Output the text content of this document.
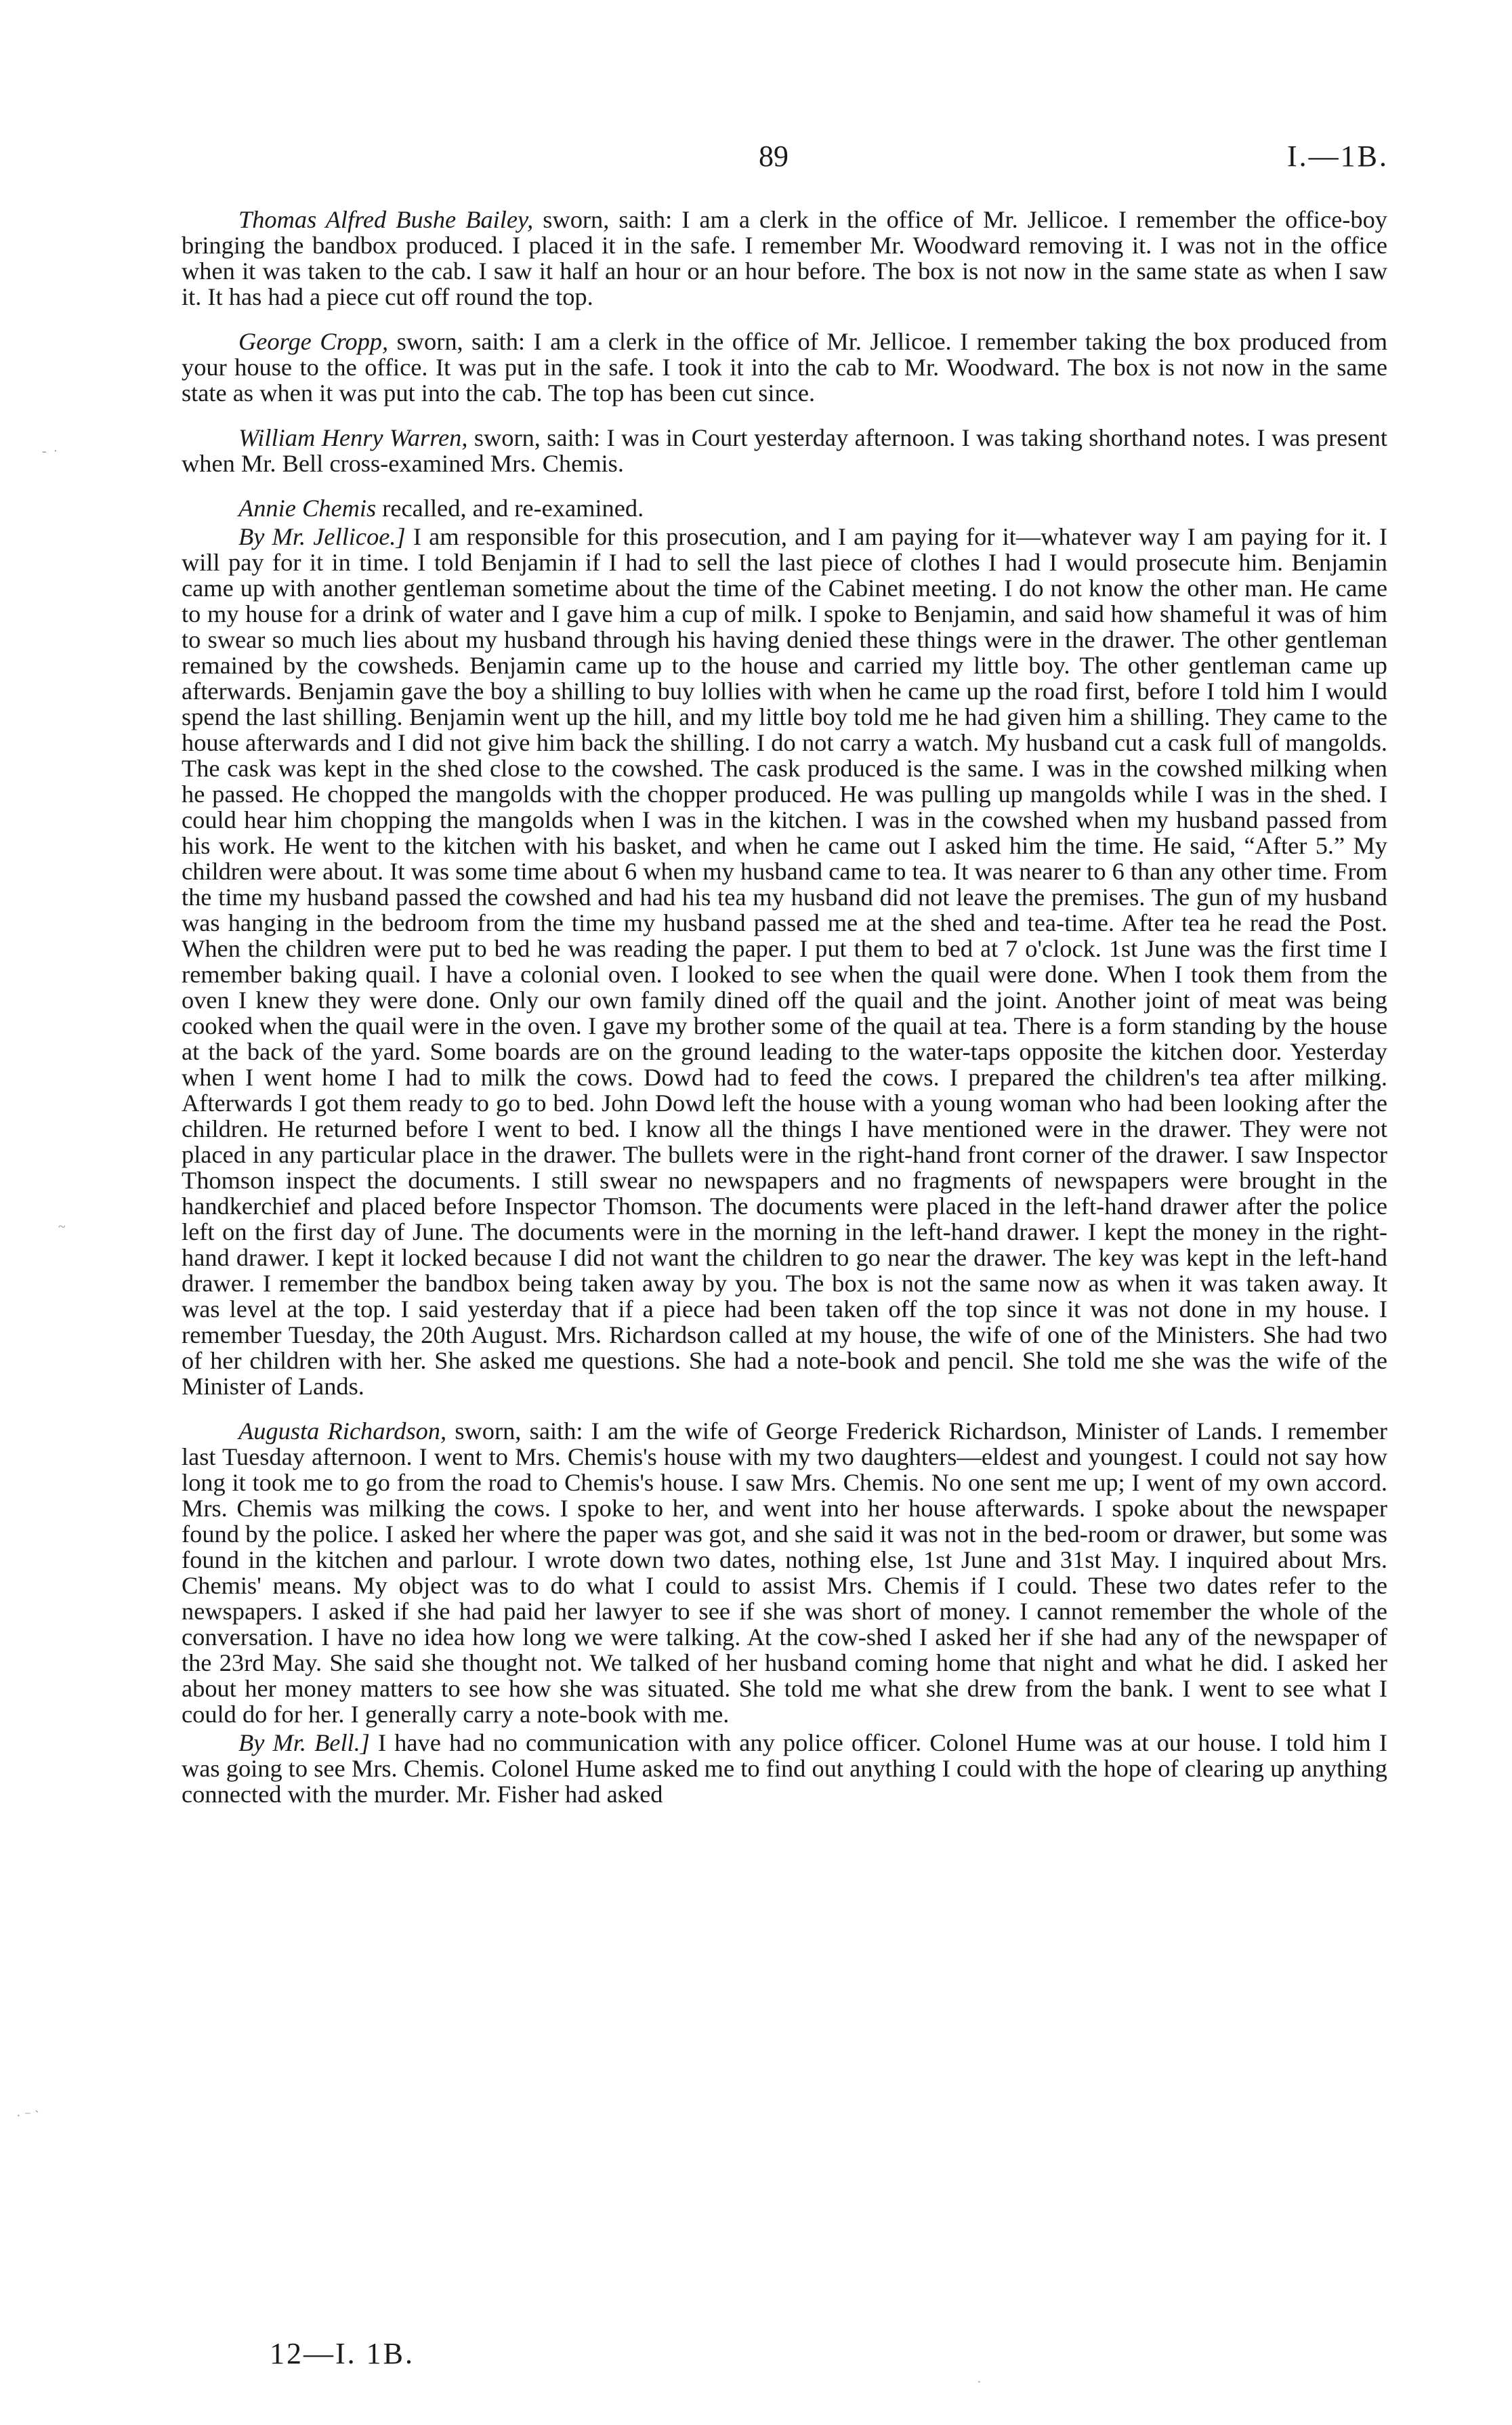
89	I.—1B.

Thomas Alfred Bushe Bailey, sworn, saith: I am a clerk in the office of Mr. Jellicoe. I remember the office-boy bringing the bandbox produced. I placed it in the safe. I remember Mr. Woodward removing it. I was not in the office when it was taken to the cab. I saw it half an hour or an hour before. The box is not now in the same state as when I saw it. It has had a piece cut off round the top.

George Cropp, sworn, saith: I am a clerk in the office of Mr. Jellicoe. I remember taking the box produced from your house to the office. It was put in the safe. I took it into the cab to Mr. Woodward. The box is not now in the same state as when it was put into the cab. The top has been cut since.

William Henry Warren, sworn, saith: I was in Court yesterday afternoon. I was taking shorthand notes. I was present when Mr. Bell cross-examined Mrs. Chemis.

Annie Chemis recalled, and re-examined.

By Mr. Jellicoe.] I am responsible for this prosecution, and I am paying for it—whatever way I am paying for it. I will pay for it in time. I told Benjamin if I had to sell the last piece of clothes I had I would prosecute him. Benjamin came up with another gentleman sometime about the time of the Cabinet meeting. I do not know the other man. He came to my house for a drink of water and I gave him a cup of milk. I spoke to Benjamin, and said how shameful it was of him to swear so much lies about my husband through his having denied these things were in the drawer. The other gentleman remained by the cowsheds. Benjamin came up to the house and carried my little boy. The other gentleman came up afterwards. Benjamin gave the boy a shilling to buy lollies with when he came up the road first, before I told him I would spend the last shilling. Benjamin went up the hill, and my little boy told me he had given him a shilling. They came to the house afterwards and I did not give him back the shilling. I do not carry a watch. My husband cut a cask full of mangolds. The cask was kept in the shed close to the cowshed. The cask produced is the same. I was in the cowshed milking when he passed. He chopped the mangolds with the chopper produced. He was pulling up mangolds while I was in the shed. I could hear him chopping the mangolds when I was in the kitchen. I was in the cowshed when my husband passed from his work. He went to the kitchen with his basket, and when he came out I asked him the time. He said, “After 5.” My children were about. It was some time about 6 when my husband came to tea. It was nearer to 6 than any other time. From the time my husband passed the cowshed and had his tea my husband did not leave the premises. The gun of my husband was hanging in the bedroom from the time my husband passed me at the shed and tea-time. After tea he read the Post. When the children were put to bed he was reading the paper. I put them to bed at 7 o'clock. 1st June was the first time I remember baking quail. I have a colonial oven. I looked to see when the quail were done. When I took them from the oven I knew they were done. Only our own family dined off the quail and the joint. Another joint of meat was being cooked when the quail were in the oven. I gave my brother some of the quail at tea. There is a form standing by the house at the back of the yard. Some boards are on the ground leading to the water-taps opposite the kitchen door. Yesterday when I went home I had to milk the cows. Dowd had to feed the cows. I prepared the children's tea after milking. Afterwards I got them ready to go to bed. John Dowd left the house with a young woman who had been looking after the children. He returned before I went to bed. I know all the things I have mentioned were in the drawer. They were not placed in any particular place in the drawer. The bullets were in the right-hand front corner of the drawer. I saw Inspector Thomson inspect the documents. I still swear no newspapers and no fragments of newspapers were brought in the handkerchief and placed before Inspector Thomson. The documents were placed in the left-hand drawer after the police left on the first day of June. The documents were in the morning in the left-hand drawer. I kept the money in the right-hand drawer. I kept it locked because I did not want the children to go near the drawer. The key was kept in the left-hand drawer. I remember the bandbox being taken away by you. The box is not the same now as when it was taken away. It was level at the top. I said yesterday that if a piece had been taken off the top since it was not done in my house. I remember Tuesday, the 20th August. Mrs. Richardson called at my house, the wife of one of the Ministers. She had two of her children with her. She asked me questions. She had a note-book and pencil. She told me she was the wife of the Minister of Lands.

Augusta Richardson, sworn, saith: I am the wife of George Frederick Richardson, Minister of Lands. I remember last Tuesday afternoon. I went to Mrs. Chemis's house with my two daughters—eldest and youngest. I could not say how long it took me to go from the road to Chemis's house. I saw Mrs. Chemis. No one sent me up; I went of my own accord. Mrs. Chemis was milking the cows. I spoke to her, and went into her house afterwards. I spoke about the newspaper found by the police. I asked her where the paper was got, and she said it was not in the bed-room or drawer, but some was found in the kitchen and parlour. I wrote down two dates, nothing else, 1st June and 31st May. I inquired about Mrs. Chemis' means. My object was to do what I could to assist Mrs. Chemis if I could. These two dates refer to the newspapers. I asked if she had paid her lawyer to see if she was short of money. I cannot remember the whole of the conversation. I have no idea how long we were talking. At the cow-shed I asked her if she had any of the newspaper of the 23rd May. She said she thought not. We talked of her husband coming home that night and what he did. I asked her about her money matters to see how she was situated. She told me what she drew from the bank. I went to see what I could do for her. I generally carry a note-book with me.

By Mr. Bell.] I have had no communication with any police officer. Colonel Hume was at our house. I told him I was going to see Mrs. Chemis. Colonel Hume asked me to find out anything I could with the hope of clearing up anything connected with the murder. Mr. Fisher had asked

12—I. 1B.
-  ·
~
· ⁻ `
·
